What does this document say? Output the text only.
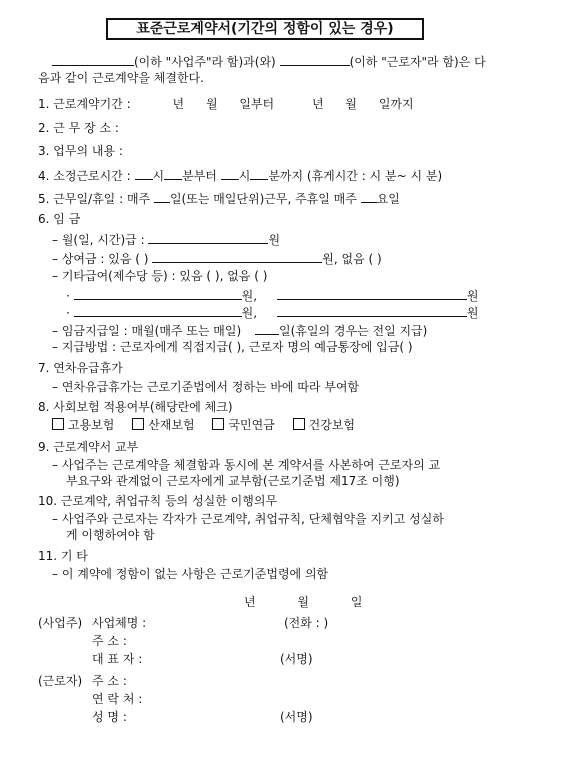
표준근로계약서(기간의 정함이 있는 경우)
(이하 "사업주"라 함)과(와)	(이하 "근로자"라 함)은 다
음과 같이 근로계약을 체결한다.
1. 근로계약기간 :	년 월 일부터	년 월 일까지
2. 근 무 장 소 :
3. 업무의 내용 :
4. 소정근로시간 : 시 분부터 시 분까지 (휴게시간 : 시 분~ 시 분)
5. 근무일/휴일 : 매주 일(또는 매일단위)근무, 주휴일 매주 요일
6. 임 금
– 월(일, 시간)급 :	원
– 상여금 : 있음 ( )	원, 없음 ( )
– 기타급여(제수당 등) : 있음 ( ), 없음 ( )
·	원,	원
·	원,	원
– 임금지급일 : 매월(매주 또는 매일)	일(휴일의 경우는 전일 지급)
– 지급방법 : 근로자에게 직접지급( ), 근로자 명의 예금통장에 입금( )
7. 연차유급휴가
– 연차유급휴가는 근로기준법에서 정하는 바에 따라 부여함
8. 사회보험 적용여부(해당란에 체크)
고용보험	산재보험	국민연금	건강보험
9. 근로계약서 교부
– 사업주는 근로계약을 체결함과 동시에 본 계약서를 사본하여 근로자의 교
부요구와 관계없이 근로자에게 교부함(근로기준법 제17조 이행)
10. 근로계약, 취업규칙 등의 성실한 이행의무
– 사업주와 근로자는 각자가 근로계약, 취업규칙, 단체협약을 지키고 성실하
게 이행하여야 함
11. 기 타
– 이 계약에 정함이 없는 사항은 근로기준법령에 의함
년	월	일
(사업주) 사업체명 :	(전화 : )
주 소 :
대 표 자 :	(서명)
(근로자) 주 소 :
연 락 처 :
성 명 :	(서명)
